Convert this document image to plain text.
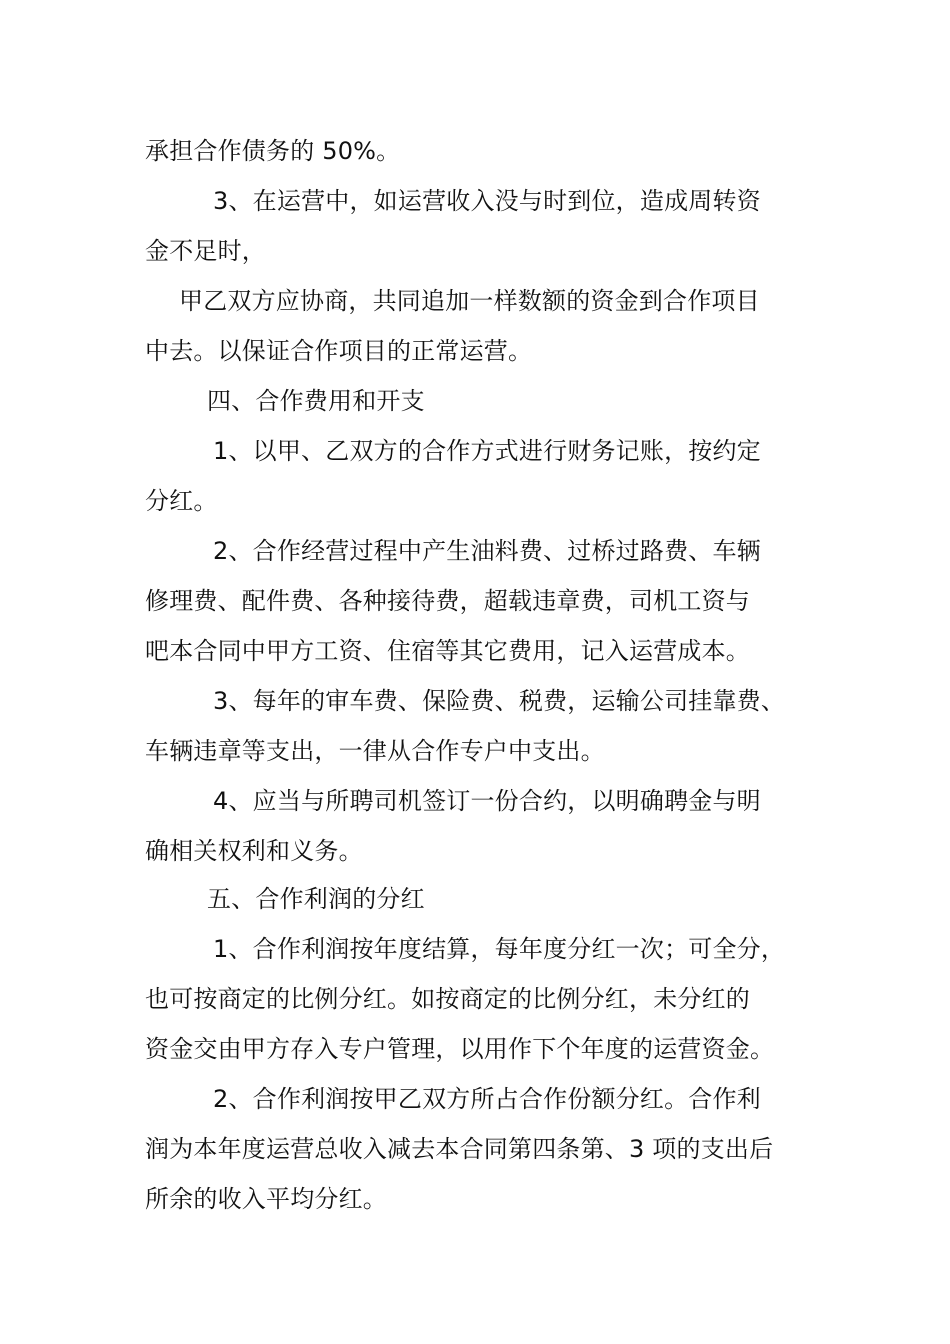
承担合作债务的 50%。
3、在运营中，如运营收入没与时到位，造成周转资
金不足时，
甲乙双方应协商，共同追加一样数额的资金到合作项目
中去。以保证合作项目的正常运营。
四、合作费用和开支
1、以甲、乙双方的合作方式进行财务记账，按约定
分红。
2、合作经营过程中产生油料费、过桥过路费、车辆
修理费、配件费、各种接待费，超载违章费，司机工资与
吧本合同中甲方工资、住宿等其它费用，记入运营成本。
3、每年的审车费、保险费、税费，运输公司挂靠费、
车辆违章等支出，一律从合作专户中支出。
4、应当与所聘司机签订一份合约，以明确聘金与明
确相关权利和义务。
五、合作利润的分红
1、合作利润按年度结算，每年度分红一次；可全分，
也可按商定的比例分红。如按商定的比例分红，未分红的
资金交由甲方存入专户管理，以用作下个年度的运营资金。
2、合作利润按甲乙双方所占合作份额分红。合作利
润为本年度运营总收入减去本合同第四条第、3 项的支出后
所余的收入平均分红。
